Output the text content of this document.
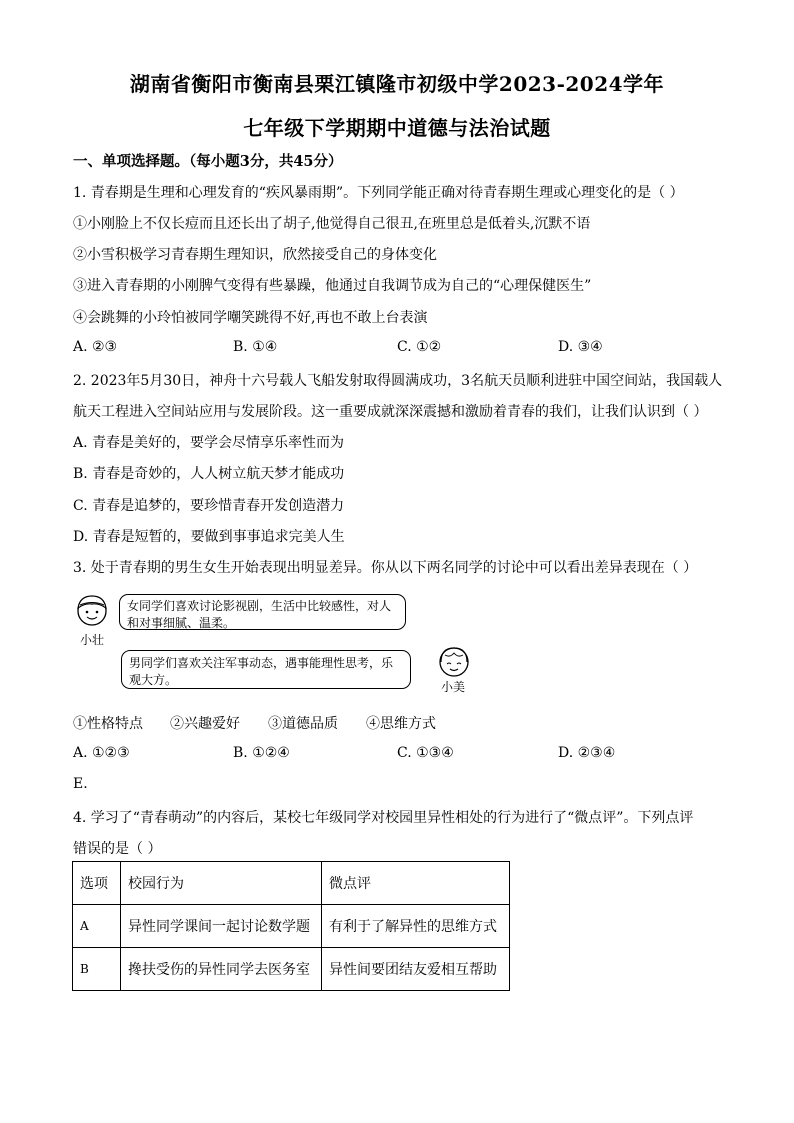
湖南省衡阳市衡南县栗江镇隆市初级中学2023-2024学年
七年级下学期期中道德与法治试题
一、单项选择题。（每小题3分，共45分）
1. 青春期是生理和心理发育的“疾风暴雨期”。下列同学能正确对待青春期生理或心理变化的是（ ）
①小刚脸上不仅长痘而且还长出了胡子,他觉得自己很丑,在班里总是低着头,沉默不语
②小雪积极学习青春期生理知识，欣然接受自己的身体变化
③进入青春期的小刚脾气变得有些暴躁，他通过自我调节成为自己的“心理保健医生”
④会跳舞的小玲怕被同学嘲笑跳得不好,再也不敢上台表演
A. ②③	B. ①④	C. ①②	D. ③④
2. 2023年5月30日，神舟十六号载人飞船发射取得圆满成功，3名航天员顺利进驻中国空间站，我国载人
航天工程进入空间站应用与发展阶段。这一重要成就深深震撼和激励着青春的我们，让我们认识到（ ）
A. 青春是美好的，要学会尽情享乐率性而为
B. 青春是奇妙的，人人树立航天梦才能成功
C. 青春是追梦的，要珍惜青春开发创造潜力
D. 青春是短暂的，要做到事事追求完美人生
3. 处于青春期的男生女生开始表现出明显差异。你从以下两名同学的讨论中可以看出差异表现在（ ）
小壮
女同学们喜欢讨论影视剧，生活中比较感性，对人和对事细腻、温柔。
男同学们喜欢关注军事动态，遇事能理性思考，乐观大方。	小美
①性格特点 ②兴趣爱好 ③道德品质 ④思维方式
A. ①②③	B. ①②④	C. ①③④	D. ②③④
E.
4. 学习了“青春萌动”的内容后，某校七年级同学对校园里异性相处的行为进行了“微点评”。下列点评
错误的是（ ）
选项	校园行为	微点评
A	异性同学课间一起讨论数学题	有利于了解异性的思维方式
B	搀扶受伤的异性同学去医务室	异性间要团结友爱相互帮助
